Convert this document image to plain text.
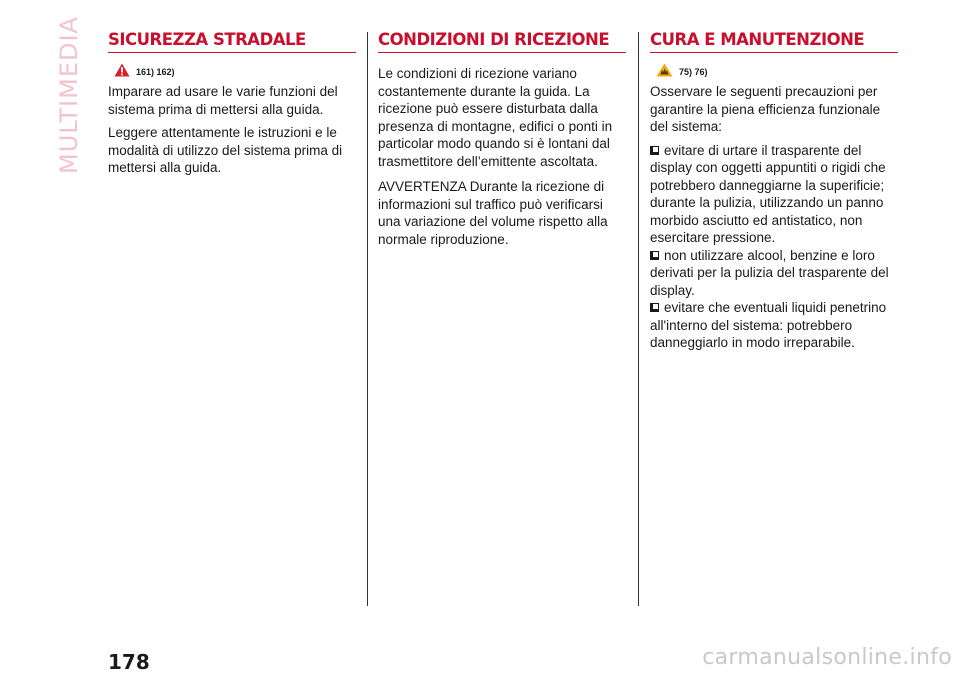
MULTIMEDIA SICUREZZA STRADALE
161) 162)

Imparare ad usare le varie funzioni del sistema prima di mettersi alla guida.

Leggere attentamente le istruzioni e le modalità di utilizzo del sistema prima di mettersi alla guida.

CONDIZIONI DI RICEZIONE

Le condizioni di ricezione variano costantemente durante la guida. La ricezione può essere disturbata dalla presenza di montagne, edifici o ponti in particolar modo quando si è lontani dal trasmettitore dell’emittente ascoltata.

AVVERTENZA Durante la ricezione di informazioni sul traffico può verificarsi una variazione del volume rispetto alla normale riproduzione.

CURA E MANUTENZIONE
75) 76)

Osservare le seguenti precauzioni per garantire la piena efficienza funzionale del sistema:

evitare di urtare il trasparente del display con oggetti appuntiti o rigidi che potrebbero danneggiarne la superificie; durante la pulizia, utilizzando un panno morbido asciutto ed antistatico, non esercitare pressione.
non utilizzare alcool, benzine e loro derivati per la pulizia del trasparente del display.
evitare che eventuali liquidi penetrino all'interno del sistema: potrebbero danneggiarlo in modo irreparabile.
178	carmanualsonline.info
